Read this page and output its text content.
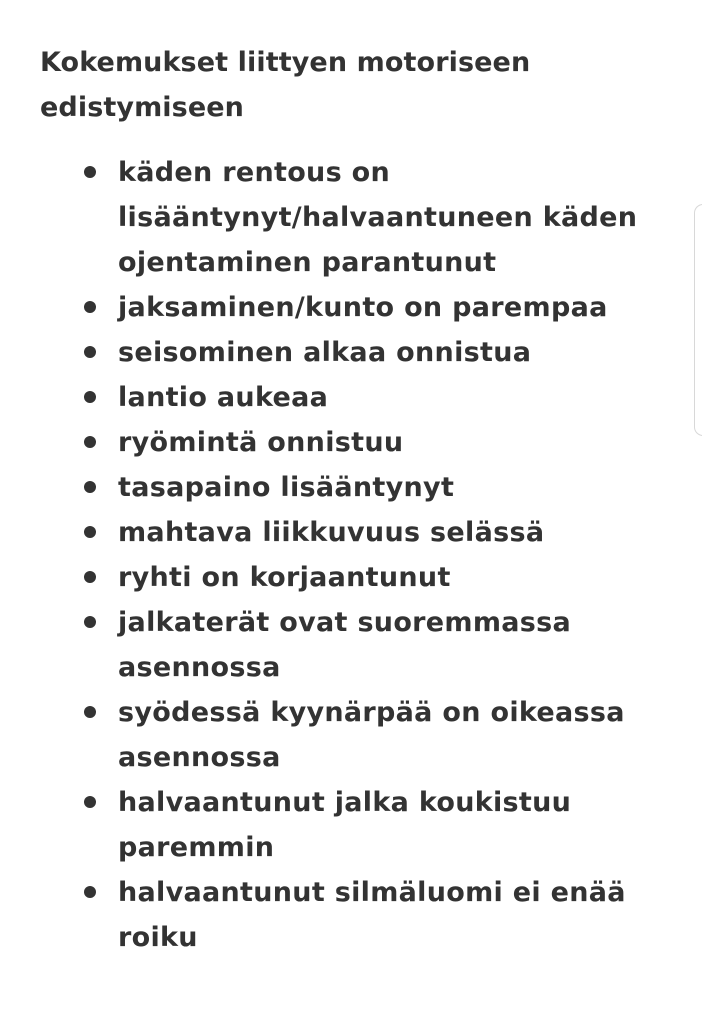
Kokemukset liittyen motoriseen
edistymiseen
käden rentous on
lisääntynyt/halvaantuneen käden
ojentaminen parantunut
jaksaminen/kunto on parempaa
seisominen alkaa onnistua
lantio aukeaa
ryömintä onnistuu
tasapaino lisääntynyt
mahtava liikkuvuus selässä
ryhti on korjaantunut
jalkaterät ovat suoremmassa
asennossa
syödessä kyynärpää on oikeassa
asennossa
halvaantunut jalka koukistuu
paremmin
halvaantunut silmäluomi ei enää
roiku
